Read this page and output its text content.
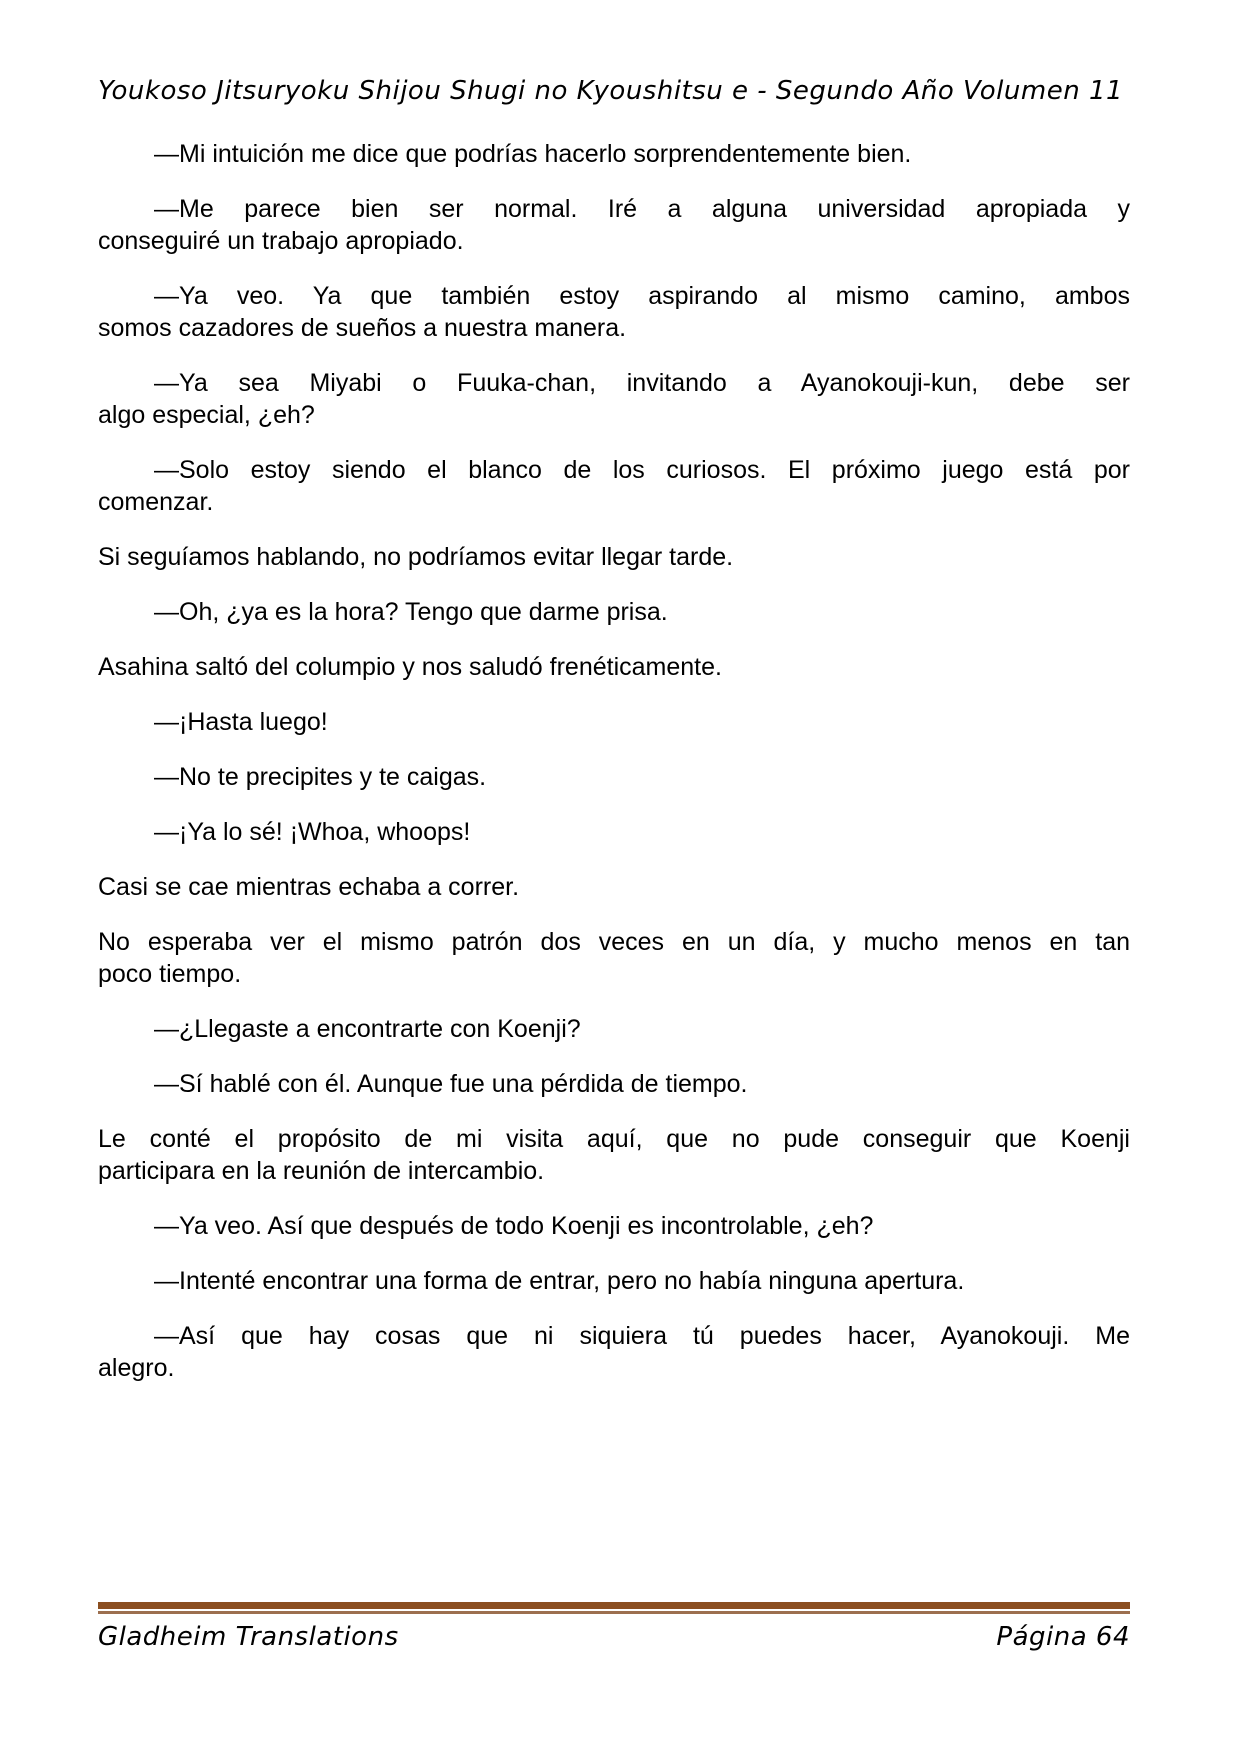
Youkoso Jitsuryoku Shijou Shugi no Kyoushitsu e - Segundo Año Volumen 11

—Mi intuición me dice que podrías hacerlo sorprendentemente bien.

—Me parece bien ser normal. Iré a alguna universidad apropiada y
conseguiré un trabajo apropiado.

—Ya veo. Ya que también estoy aspirando al mismo camino, ambos
somos cazadores de sueños a nuestra manera.

—Ya sea Miyabi o Fuuka-chan, invitando a Ayanokouji-kun, debe ser
algo especial, ¿eh?

—Solo estoy siendo el blanco de los curiosos. El próximo juego está por
comenzar.

Si seguíamos hablando, no podríamos evitar llegar tarde.

—Oh, ¿ya es la hora? Tengo que darme prisa.

Asahina saltó del columpio y nos saludó frenéticamente.

—¡Hasta luego!

—No te precipites y te caigas.

—¡Ya lo sé! ¡Whoa, whoops!

Casi se cae mientras echaba a correr.

No esperaba ver el mismo patrón dos veces en un día, y mucho menos en tan
poco tiempo.

—¿Llegaste a encontrarte con Koenji?

—Sí hablé con él. Aunque fue una pérdida de tiempo.

Le conté el propósito de mi visita aquí, que no pude conseguir que Koenji
participara en la reunión de intercambio.

—Ya veo. Así que después de todo Koenji es incontrolable, ¿eh?

—Intenté encontrar una forma de entrar, pero no había ninguna apertura.

—Así que hay cosas que ni siquiera tú puedes hacer, Ayanokouji. Me
alegro.

Gladheim Translations	Página 64
